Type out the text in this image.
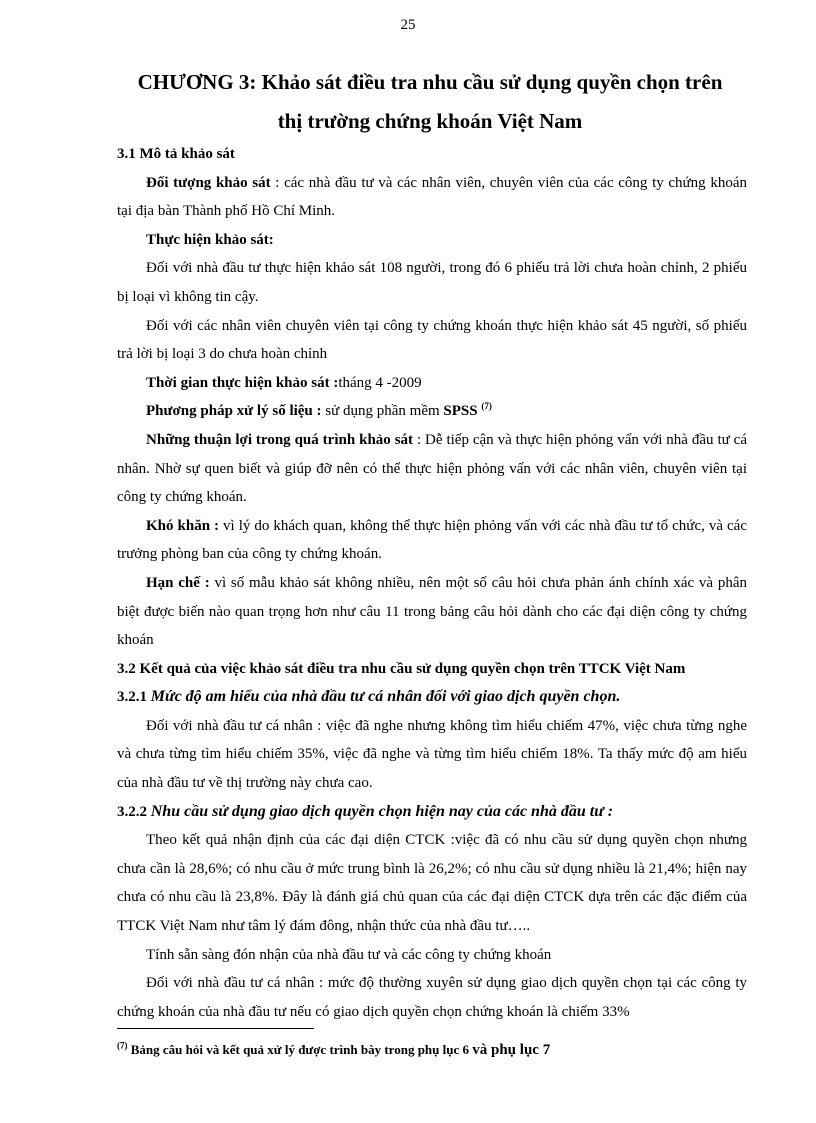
25
CHƯƠNG 3: Khảo sát điều tra nhu cầu sử dụng quyền chọn trên
thị trường chứng khoán Việt Nam

3.1 Mô tả khảo sát

Đối tượng khảo sát : các nhà đầu tư và các nhân viên, chuyên viên của các công ty chứng khoán tại địa bàn Thành phố Hồ Chí Minh.

Thực hiện khảo sát:

Đối với nhà đầu tư thực hiện khảo sát 108 người, trong đó 6 phiếu trả lời chưa hoàn chỉnh, 2 phiếu bị loại vì không tin cậy.

Đối với các nhân viên chuyên viên tại công ty chứng khoán thực hiện khảo sát 45 người, số phiếu trả lời bị loại 3 do chưa hoàn chỉnh

Thời gian thực hiện khảo sát :tháng 4 -2009

Phương pháp xử lý số liệu : sử dụng phần mềm SPSS $^{(7)}$

Những thuận lợi trong quá trình khảo sát : Dễ tiếp cận và thực hiện phỏng vấn với nhà đầu tư cá nhân. Nhờ sự quen biết và giúp đỡ nên có thể thực hiện phỏng vấn với các nhân viên, chuyên viên tại công ty chứng khoán.

Khó khăn : vì lý do khách quan, không thể thực hiện phỏng vấn với các nhà đầu tư tổ chức, và các trưởng phòng ban của công ty chứng khoán.

Hạn chế : vì số mẫu khảo sát không nhiều, nên một số câu hỏi chưa phản ánh chính xác và phân biệt được biến nào quan trọng hơn như câu 11 trong bảng câu hỏi dành cho các đại diện công ty chứng khoán

3.2 Kết quả của việc khảo sát điều tra nhu cầu sử dụng quyền chọn trên TTCK Việt Nam

3.2.1 Mức độ am hiểu của nhà đầu tư cá nhân đối với giao dịch quyền chọn.

Đối với nhà đầu tư cá nhân : việc đã nghe nhưng không tìm hiểu chiếm 47%, việc chưa từng nghe và chưa từng tìm hiểu chiếm 35%, việc đã nghe và từng tìm hiểu chiếm 18%. Ta thấy mức độ am hiểu của nhà đầu tư về thị trường này chưa cao.

3.2.2 Nhu cầu sử dụng giao dịch quyền chọn hiện nay của các nhà đầu tư :

Theo kết quả nhận định của các đại diện CTCK :việc đã có nhu cầu sử dụng quyền chọn nhưng chưa cần là 28,6%; có nhu cầu ở mức trung bình là 26,2%; có nhu cầu sử dụng nhiều là 21,4%; hiện nay chưa có nhu cầu là 23,8%. Đây là đánh giá chủ quan của các đại diện CTCK dựa trên các đặc điểm của TTCK Việt Nam như tâm lý đám đông, nhận thức của nhà đầu tư…..

Tính sẵn sàng đón nhận của nhà đầu tư và các công ty chứng khoán

Đối với nhà đầu tư cá nhân : mức độ thường xuyên sử dụng giao dịch quyền chọn tại các công ty chứng khoán của nhà đầu tư nếu có giao dịch quyền chọn chứng khoán là chiếm 33%

$^{(7)}$ Bảng câu hỏi và kết quả xử lý được trình bày trong phụ lục 6 và phụ lục 7
